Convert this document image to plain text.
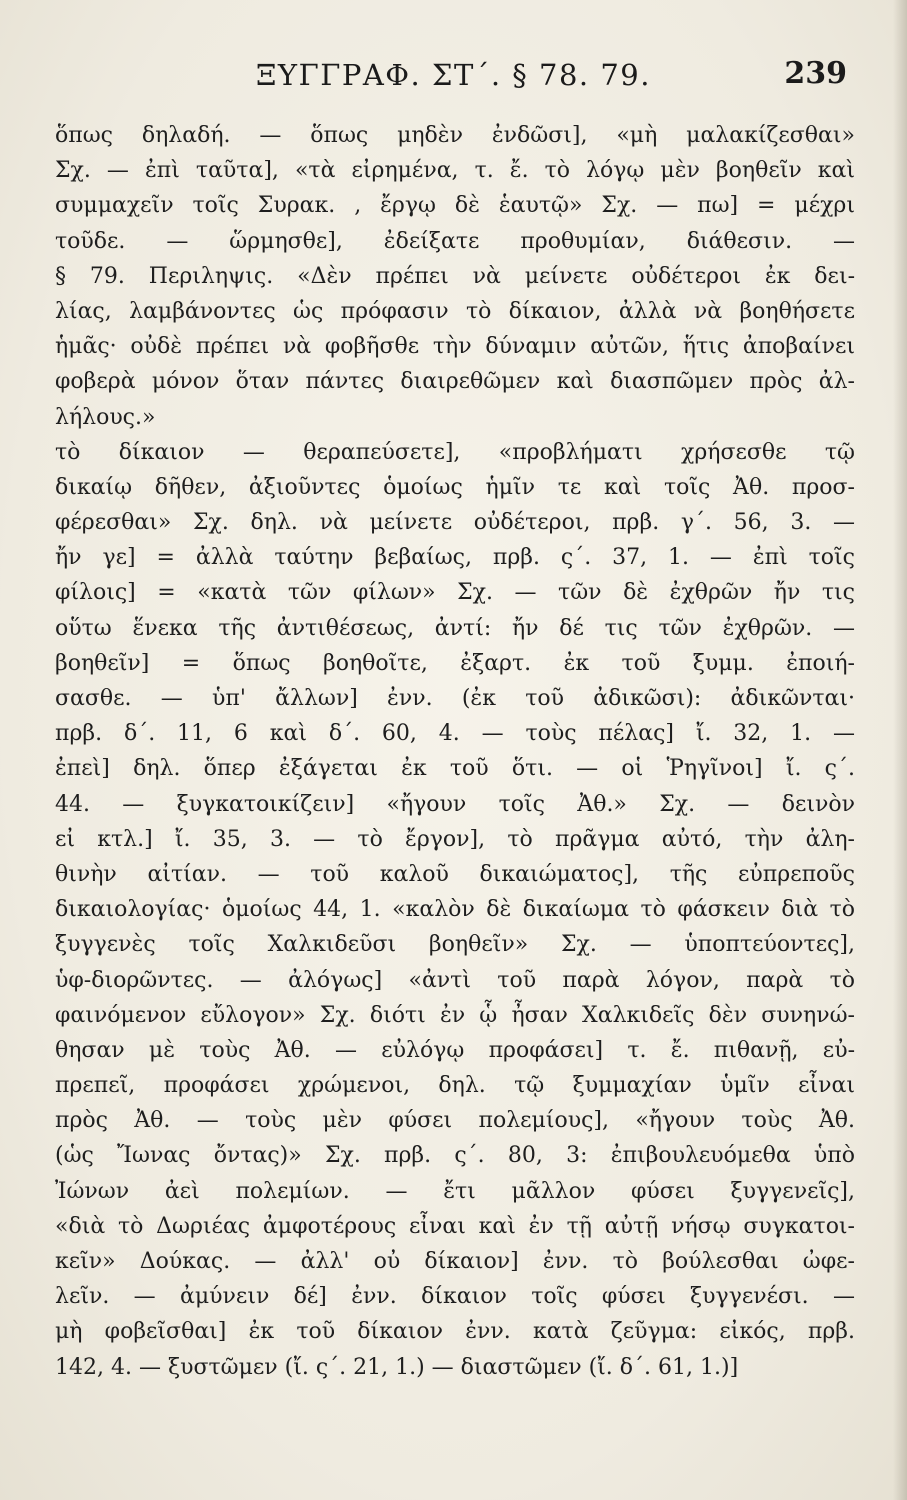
ΞΥΓΓΡΑΦ. ΣΤ΄. § 78. 79.	239
ὅπως δηλαδή. — ὅπως μηδὲν ἐνδῶσι], «μὴ μαλακίζεσθαι»
Σχ. — ἐπὶ ταῦτα], «τὰ εἰρημένα, τ. ἔ. τὸ λόγῳ μὲν βοηθεῖν καὶ
συμμαχεῖν τοῖς Συρακ. , ἔργῳ δὲ ἑαυτῷ» Σχ. — πω] = μέχρι
τοῦδε. — ὥρμησθε], ἐδείξατε προθυμίαν, διάθεσιν. —
§ 79. Περιληψις. «Δὲν πρέπει νὰ μείνετε οὐδέτεροι ἐκ δει-
λίας, λαμβάνοντες ὡς πρόφασιν τὸ δίκαιον, ἀλλὰ νὰ βοηθήσετε
ἡμᾶς· οὐδὲ πρέπει νὰ φοβῆσθε τὴν δύναμιν αὐτῶν, ἥτις ἀποβαίνει
φοβερὰ μόνον ὅταν πάντες διαιρεθῶμεν καὶ διασπῶμεν πρὸς ἀλ-
λήλους.»
τὸ δίκαιον — θεραπεύσετε], «προβλήματι χρήσεσθε τῷ
δικαίῳ δῆθεν, ἀξιοῦντες ὁμοίως ἡμῖν τε καὶ τοῖς Ἀθ. προσ-
φέρεσθαι» Σχ. δηλ. νὰ μείνετε οὐδέτεροι, πρβ. γ΄. 56, 3. —
ἤν γε] = ἀλλὰ ταύτην βεβαίως, πρβ. ς΄. 37, 1. — ἐπὶ τοῖς
φίλοις] = «κατὰ τῶν φίλων» Σχ. — τῶν δὲ ἐχθρῶν ἤν τις
οὕτω ἕνεκα τῆς ἀντιθέσεως, ἀντί: ἤν δέ τις τῶν ἐχθρῶν. —
βοηθεῖν] = ὅπως βοηθοῖτε, ἐξαρτ. ἐκ τοῦ ξυμμ. ἐποιή-
σασθε. — ὑπ' ἄλλων] ἐνν. (ἐκ τοῦ ἀδικῶσι): ἀδικῶνται·
πρβ. δ΄. 11, 6 καὶ δ΄. 60, 4. — τοὺς πέλας] ἴ. 32, 1. —
ἐπεὶ] δηλ. ὅπερ ἐξάγεται ἐκ τοῦ ὅτι. — οἱ Ῥηγῖνοι] ἴ. ς΄.
44. — ξυγκατοικίζειν] «ἤγουν τοῖς Ἀθ.» Σχ. — δεινὸν
εἰ κτλ.] ἴ. 35, 3. — τὸ ἔργον], τὸ πρᾶγμα αὐτό, τὴν ἀλη-
θινὴν αἰτίαν. — τοῦ καλοῦ δικαιώματος], τῆς εὐπρεποῦς
δικαιολογίας· ὁμοίως 44, 1. «καλὸν δὲ δικαίωμα τὸ φάσκειν διὰ τὸ
ξυγγενὲς τοῖς Χαλκιδεῦσι βοηθεῖν» Σχ. — ὑποπτεύοντες],
ὑφ-διορῶντες. — ἀλόγως] «ἀντὶ τοῦ παρὰ λόγον, παρὰ τὸ
φαινόμενον εὔλογον» Σχ. διότι ἐν ᾧ ἦσαν Χαλκιδεῖς δὲν συνηνώ-
θησαν μὲ τοὺς Ἀθ. — εὐλόγῳ προφάσει] τ. ἔ. πιθανῇ, εὐ-
πρεπεῖ, προφάσει χρώμενοι, δηλ. τῷ ξυμμαχίαν ὑμῖν εἶναι
πρὸς Ἀθ. — τοὺς μὲν φύσει πολεμίους], «ἤγουν τοὺς Ἀθ.
(ὡς Ἴωνας ὄντας)» Σχ. πρβ. ς΄. 80, 3: ἐπιβουλευόμεθα ὑπὸ
Ἰώνων ἀεὶ πολεμίων. — ἔτι μᾶλλον φύσει ξυγγενεῖς],
«διὰ τὸ Δωριέας ἀμφοτέρους εἶναι καὶ ἐν τῇ αὐτῇ νήσῳ συγκατοι-
κεῖν» Δούκας. — ἀλλ' οὐ δίκαιον] ἐνν. τὸ βούλεσθαι ὠφε-
λεῖν. — ἀμύνειν δέ] ἐνν. δίκαιον τοῖς φύσει ξυγγενέσι. —
μὴ φοβεῖσθαι] ἐκ τοῦ δίκαιον ἐνν. κατὰ ζεῦγμα: εἰκός, πρβ.
142, 4. — ξυστῶμεν (ἴ. ς΄. 21, 1.) — διαστῶμεν (ἴ. δ΄. 61, 1.)]
